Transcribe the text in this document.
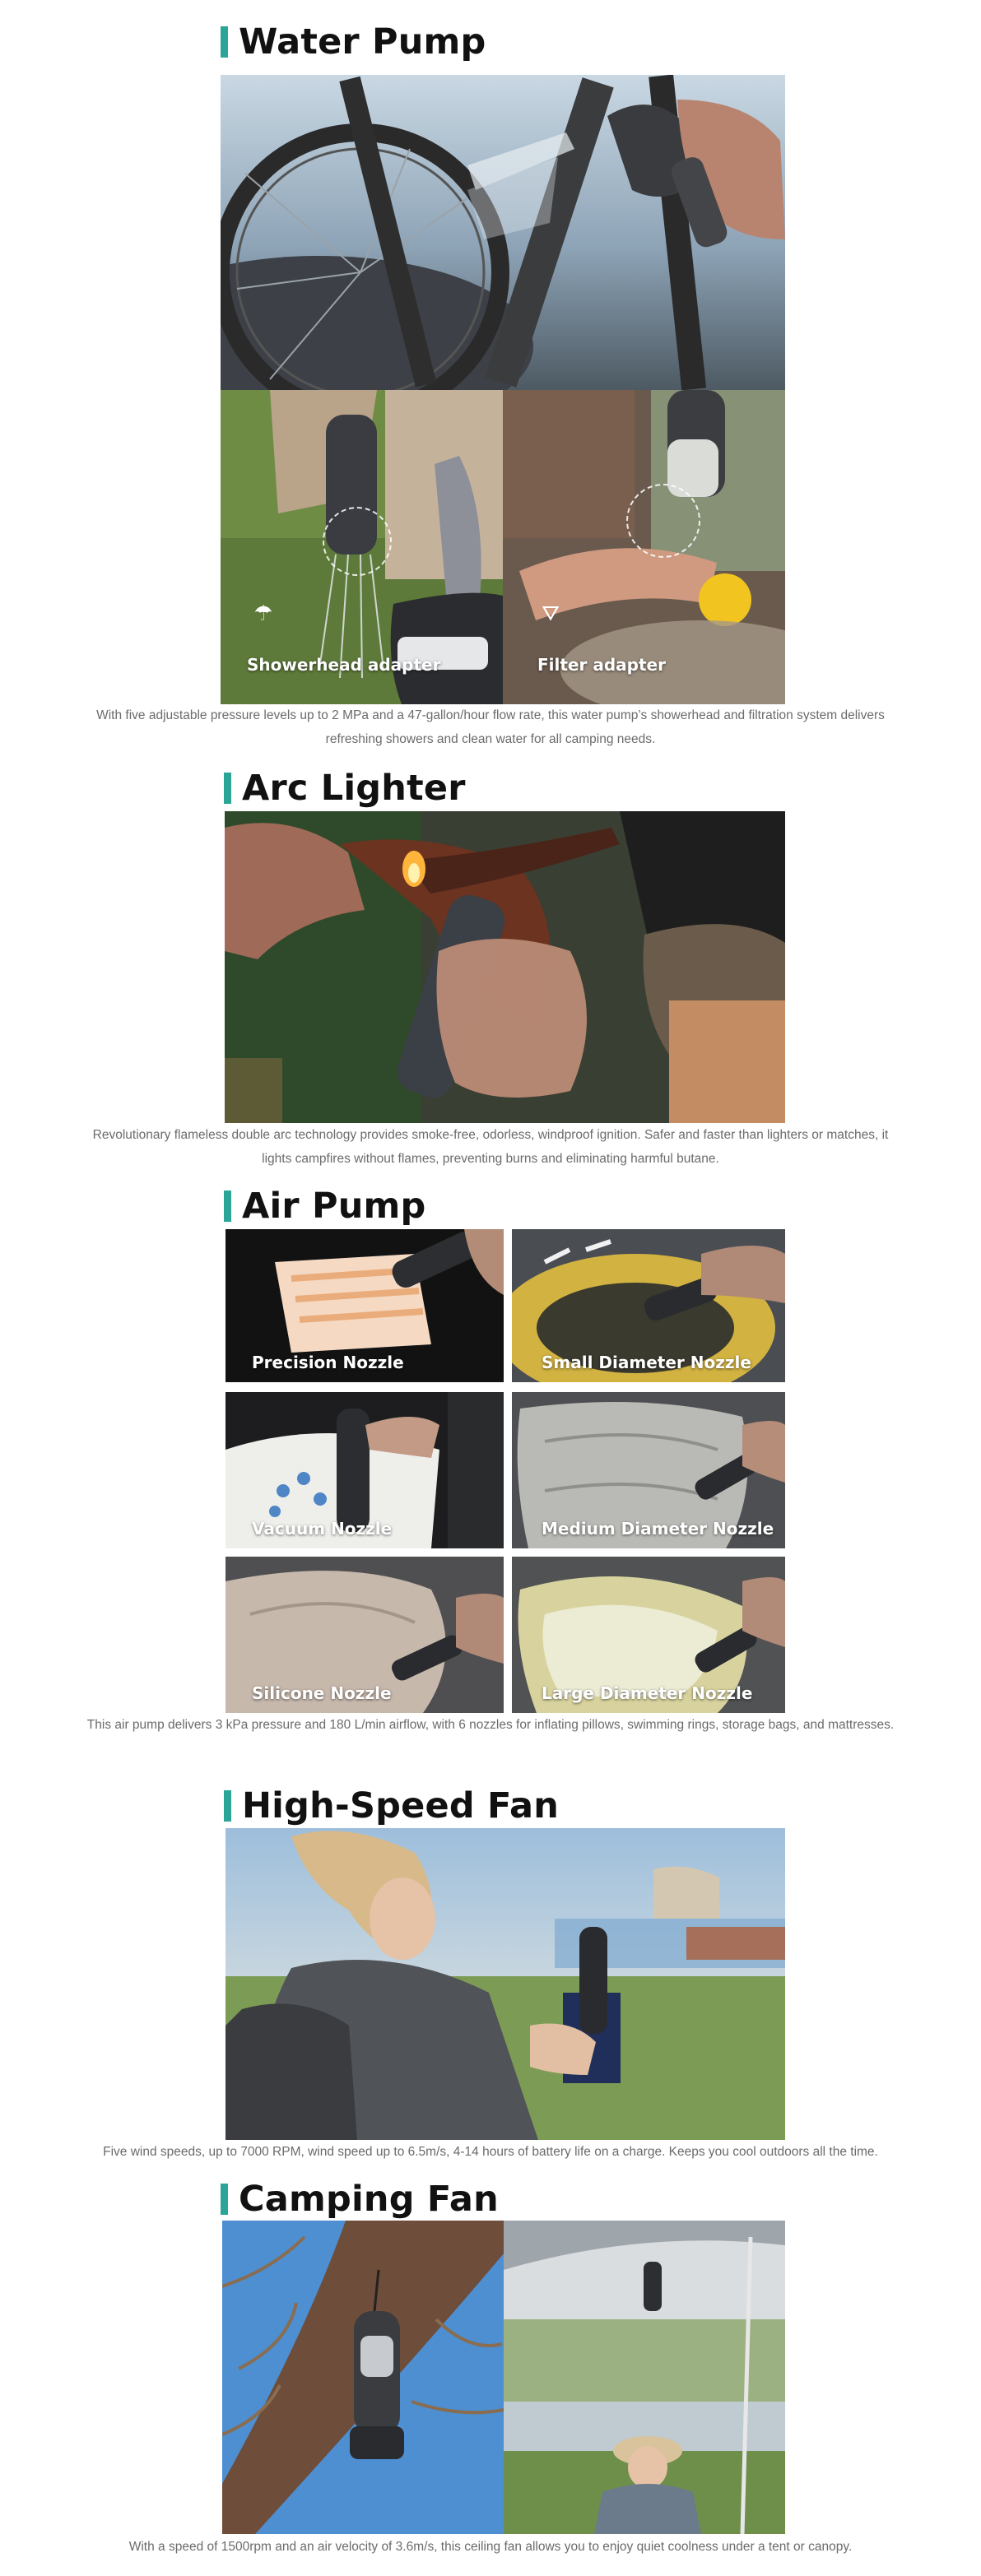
Water Pump
☂
Showerhead adapter
⛛
Filter adapter
With five adjustable pressure levels up to 2 MPa and a 47-gallon/hour flow rate, this water pump’s showerhead and filtration system delivers refreshing showers and clean water for all camping needs.
Arc Lighter
Revolutionary flameless double arc technology provides smoke-free, odorless, windproof ignition. Safer and faster than lighters or matches, it lights campfires without flames, preventing burns and eliminating harmful butane.
Air Pump
Precision Nozzle	Small Diameter Nozzle
Vacuum Nozzle	Medium Diameter Nozzle
Silicone Nozzle	Large Diameter Nozzle
This air pump delivers 3 kPa pressure and 180 L/min airflow, with 6 nozzles for inflating pillows, swimming rings, storage bags, and mattresses.
High-Speed Fan
Five wind speeds, up to 7000 RPM, wind speed up to 6.5m/s, 4-14 hours of battery life on a charge. Keeps you cool outdoors all the time.
Camping Fan
With a speed of 1500rpm and an air velocity of 3.6m/s, this ceiling fan allows you to enjoy quiet coolness under a tent or canopy.
